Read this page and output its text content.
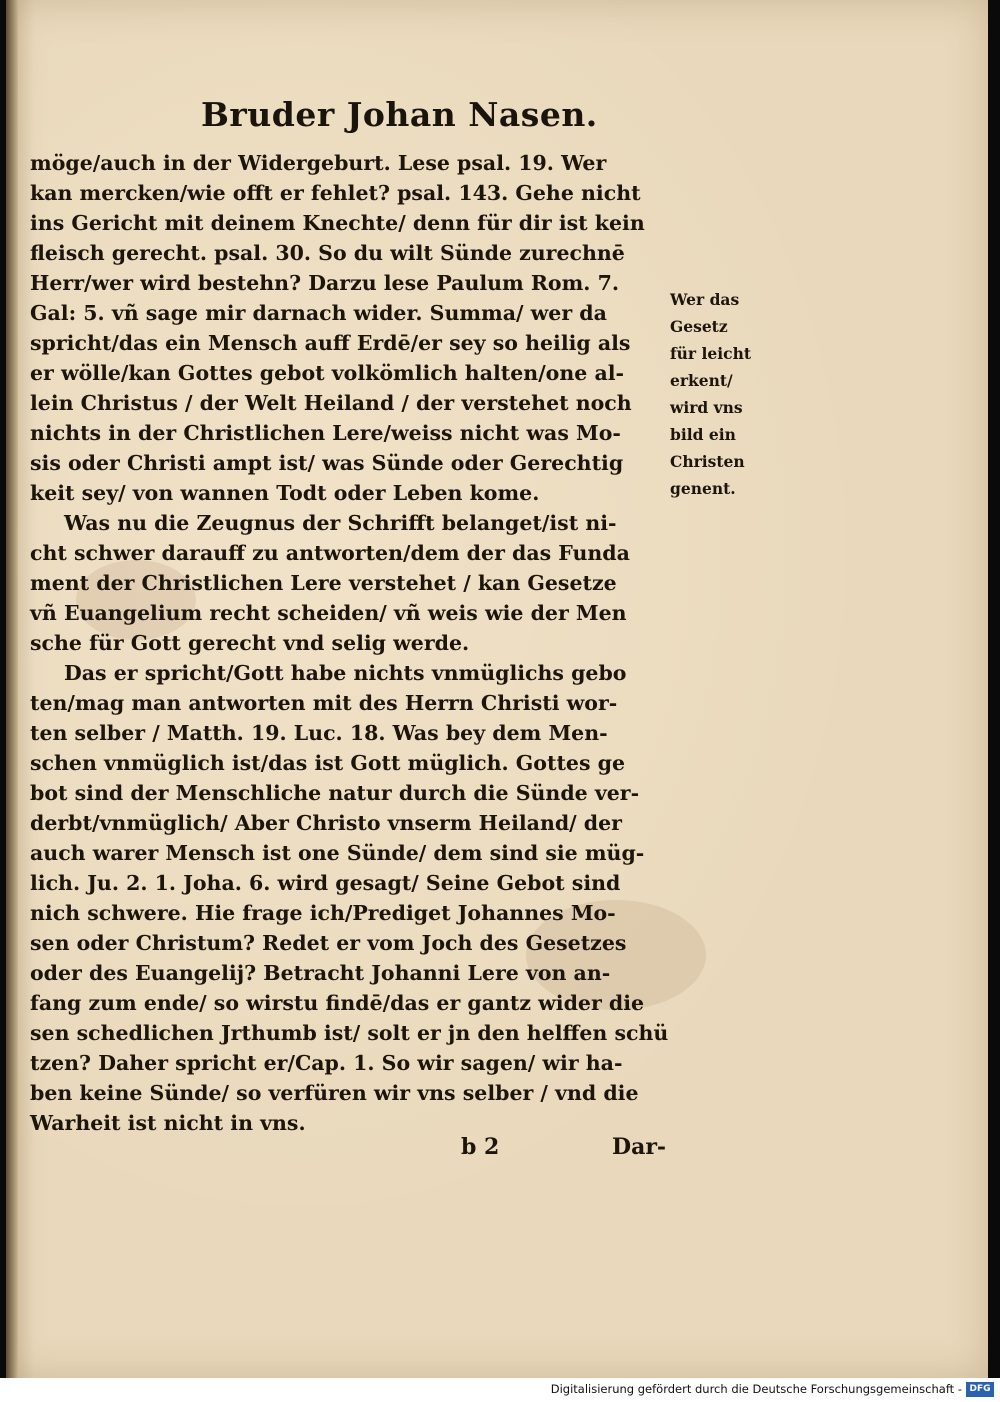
Bruder Johan Nasen.
möge/auch in der Widergeburt. Lese psal. 19. Wer
kan mercken/wie offt er fehlet? psal. 143. Gehe nicht
ins Gericht mit deinem Knechte/ denn für dir ist kein
fleisch gerecht. psal. 30. So du wilt Sünde zurechnē
Herr/wer wird bestehn? Darzu lese Paulum Rom. 7.
Gal: 5. vñ sage mir darnach wider. Summa/ wer da
spricht/das ein Mensch auff Erdē/er sey so heilig als
er wölle/kan Gottes gebot volkömlich halten/one al-
lein Christus / der Welt Heiland / der verstehet noch
nichts in der Christlichen Lere/weiss nicht was Mo-
sis oder Christi ampt ist/ was Sünde oder Gerechtig
keit sey/ von wannen Todt oder Leben kome.
Was nu die Zeugnus der Schrifft belanget/ist ni-
cht schwer darauff zu antworten/dem der das Funda
ment der Christlichen Lere verstehet / kan Gesetze
vñ Euangelium recht scheiden/ vñ weis wie der Men
sche für Gott gerecht vnd selig werde.
Das er spricht/Gott habe nichts vnmüglichs gebo
ten/mag man antworten mit des Herrn Christi wor-
ten selber / Matth. 19. Luc. 18. Was bey dem Men-
schen vnmüglich ist/das ist Gott müglich. Gottes ge
bot sind der Menschliche natur durch die Sünde ver-
derbt/vnmüglich/ Aber Christo vnserm Heiland/ der
auch warer Mensch ist one Sünde/ dem sind sie müg-
lich. Ju. 2. 1. Joha. 6. wird gesagt/ Seine Gebot sind
nich schwere. Hie frage ich/Prediget Johannes Mo-
sen oder Christum? Redet er vom Joch des Gesetzes
oder des Euangelij? Betracht Johanni Lere von an-
fang zum ende/ so wirstu findē/das er gantz wider die
sen schedlichen Jrthumb ist/ solt er jn den helffen schü
tzen? Daher spricht er/Cap. 1. So wir sagen/ wir ha-
ben keine Sünde/ so verfüren wir vns selber / vnd die
Warheit ist nicht in vns.
Wer das
Gesetz
für leicht
erkent/
wird vns
bild ein
Christen
genent.
b 2	Dar-
Digitalisierung gefördert durch die Deutsche Forschungsgemeinschaft - DFG
